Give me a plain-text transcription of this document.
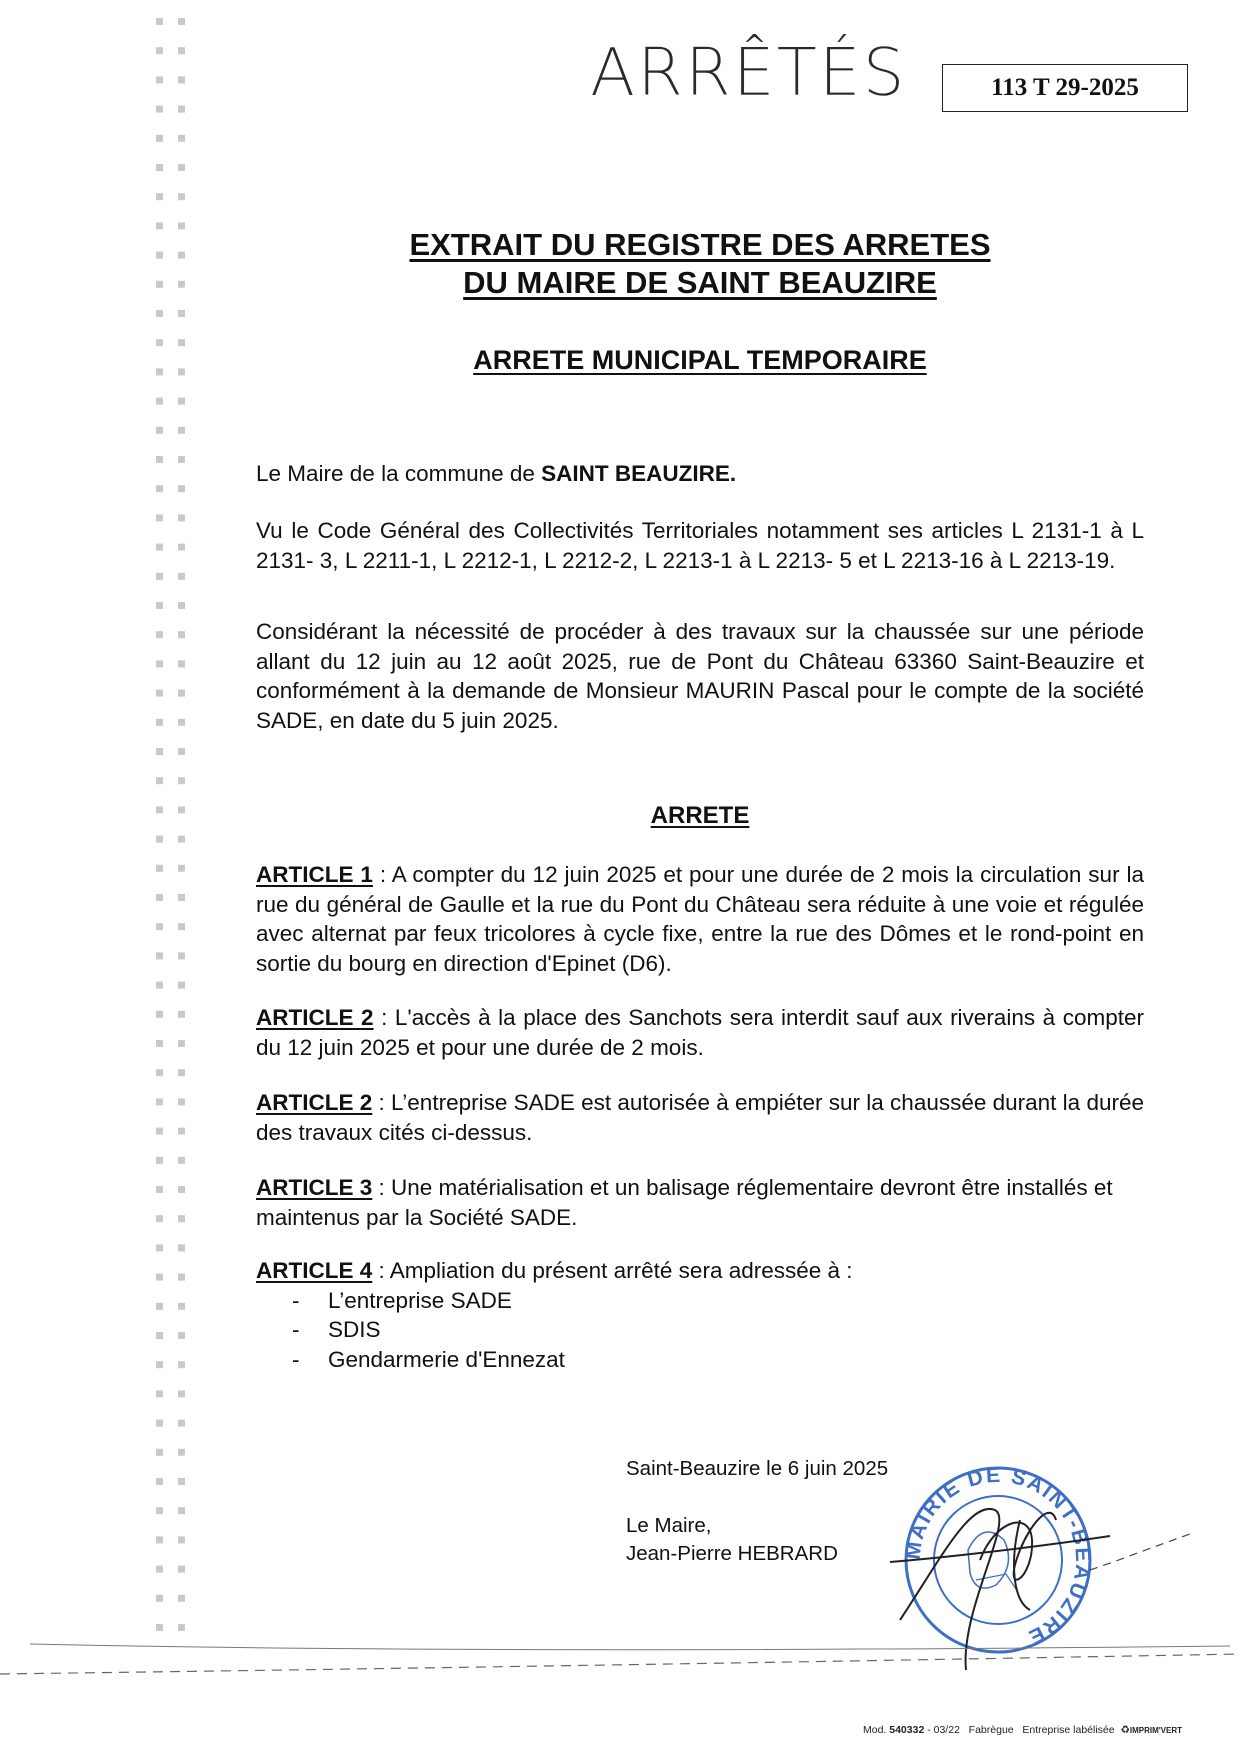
ARRÊTÉS	113 T 29-2025
EXTRAIT DU REGISTRE DES ARRETES
DU MAIRE DE SAINT BEAUZIRE
ARRETE MUNICIPAL TEMPORAIRE
Le Maire de la commune de SAINT BEAUZIRE.
Vu le Code Général des Collectivités Territoriales notamment ses articles L 2131-1 à L 2131- 3, L 2211-1, L 2212-1, L 2212-2, L 2213-1 à L 2213- 5 et L 2213-16 à L 2213-19.
Considérant la nécessité de procéder à des travaux sur la chaussée sur une période allant du 12 juin au 12 août 2025, rue de Pont du Château 63360 Saint-Beauzire et conformément à la demande de Monsieur MAURIN Pascal pour le compte de la société SADE, en date du 5 juin 2025.
ARRETE
ARTICLE 1 : A compter du 12 juin 2025 et pour une durée de 2 mois la circulation sur la rue du général de Gaulle et la rue du Pont du Château sera réduite à une voie et régulée avec alternat par feux tricolores à cycle fixe, entre la rue des Dômes et le rond-point en sortie du bourg en direction d'Epinet (D6).
ARTICLE 2 : L'accès à la place des Sanchots sera interdit sauf aux riverains à compter du 12 juin 2025 et pour une durée de 2 mois.
ARTICLE 2 : L’entreprise SADE est autorisée à empiéter sur la chaussée durant la durée des travaux cités ci-dessus.
ARTICLE 3 : Une matérialisation et un balisage réglementaire devront être installés et maintenus par la Société SADE.
ARTICLE 4 : Ampliation du présent arrêté sera adressée à :
- L’entreprise SADE
- SDIS
- Gendarmerie d'Ennezat
Saint-Beauzire le 6 juin 2025
Le Maire,
Jean-Pierre HEBRARD	MAIRIE DE SAINT-BEAUZIRE
Mod. 540332 - 03/22 Fabrègue Entreprise labélisée ♻IMPRIM'VERT
